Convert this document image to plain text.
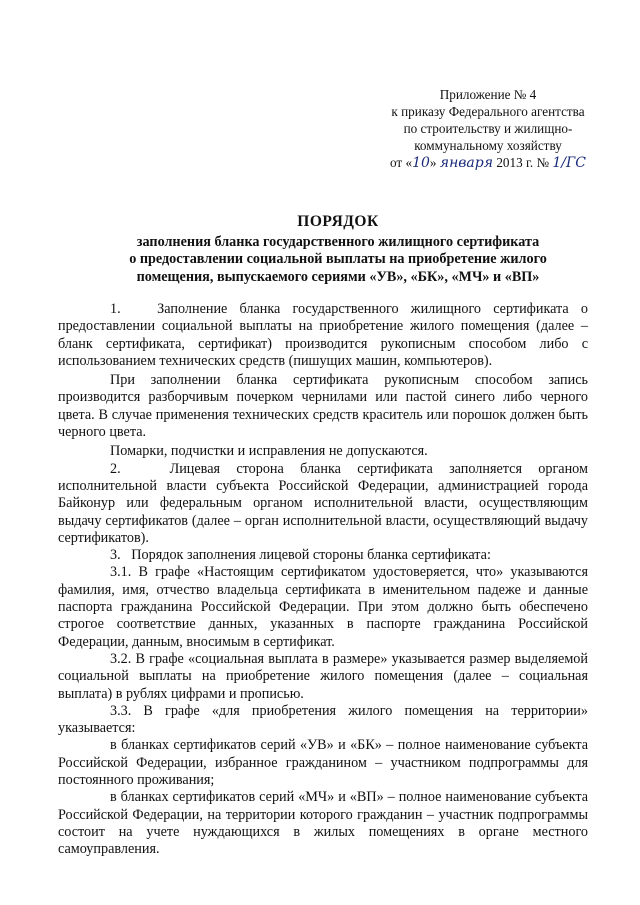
Приложение № 4
к приказу Федерального агентства
по строительству и жилищно-
коммунальному хозяйству
от «10» января 2013 г. № 1/ГС
ПОРЯДОК
заполнения бланка государственного жилищного сертификата
о предоставлении социальной выплаты на приобретение жилого
помещения, выпускаемого сериями «УВ», «БК», «МЧ» и «ВП»

1.   Заполнение бланка государственного жилищного сертификата о предоставлении социальной выплаты на приобретение жилого помещения (далее – бланк сертификата, сертификат) производится рукописным способом либо с использованием технических средств (пишущих машин, компьютеров).

При заполнении бланка сертификата рукописным способом запись производится разборчивым почерком чернилами или пастой синего либо черного цвета. В случае применения технических средств краситель или порошок должен быть черного цвета.

Помарки, подчистки и исправления не допускаются.

2.   Лицевая сторона бланка сертификата заполняется органом исполнительной власти субъекта Российской Федерации, администрацией города Байконур или федеральным органом исполнительной власти, осуществляющим выдачу сертификатов (далее – орган исполнительной власти, осуществляющий выдачу сертификатов).

3.   Порядок заполнения лицевой стороны бланка сертификата:

3.1. В графе «Настоящим сертификатом удостоверяется, что» указываются фамилия, имя, отчество владельца сертификата в именительном падеже и данные паспорта гражданина Российской Федерации. При этом должно быть обеспечено строгое соответствие данных, указанных в паспорте гражданина Российской Федерации, данным, вносимым в сертификат.

3.2. В графе «социальная выплата в размере» указывается размер выделяемой социальной выплаты на приобретение жилого помещения (далее – социальная выплата) в рублях цифрами и прописью.

3.3. В графе «для приобретения жилого помещения на территории» указывается:

в бланках сертификатов серий «УВ» и «БК» – полное наименование субъекта Российской Федерации, избранное гражданином – участником подпрограммы для постоянного проживания;

в бланках сертификатов серий «МЧ» и «ВП» – полное наименование субъекта Российской Федерации, на территории которого гражданин – участник подпрограммы состоит на учете нуждающихся в жилых помещениях в органе местного самоуправления.
